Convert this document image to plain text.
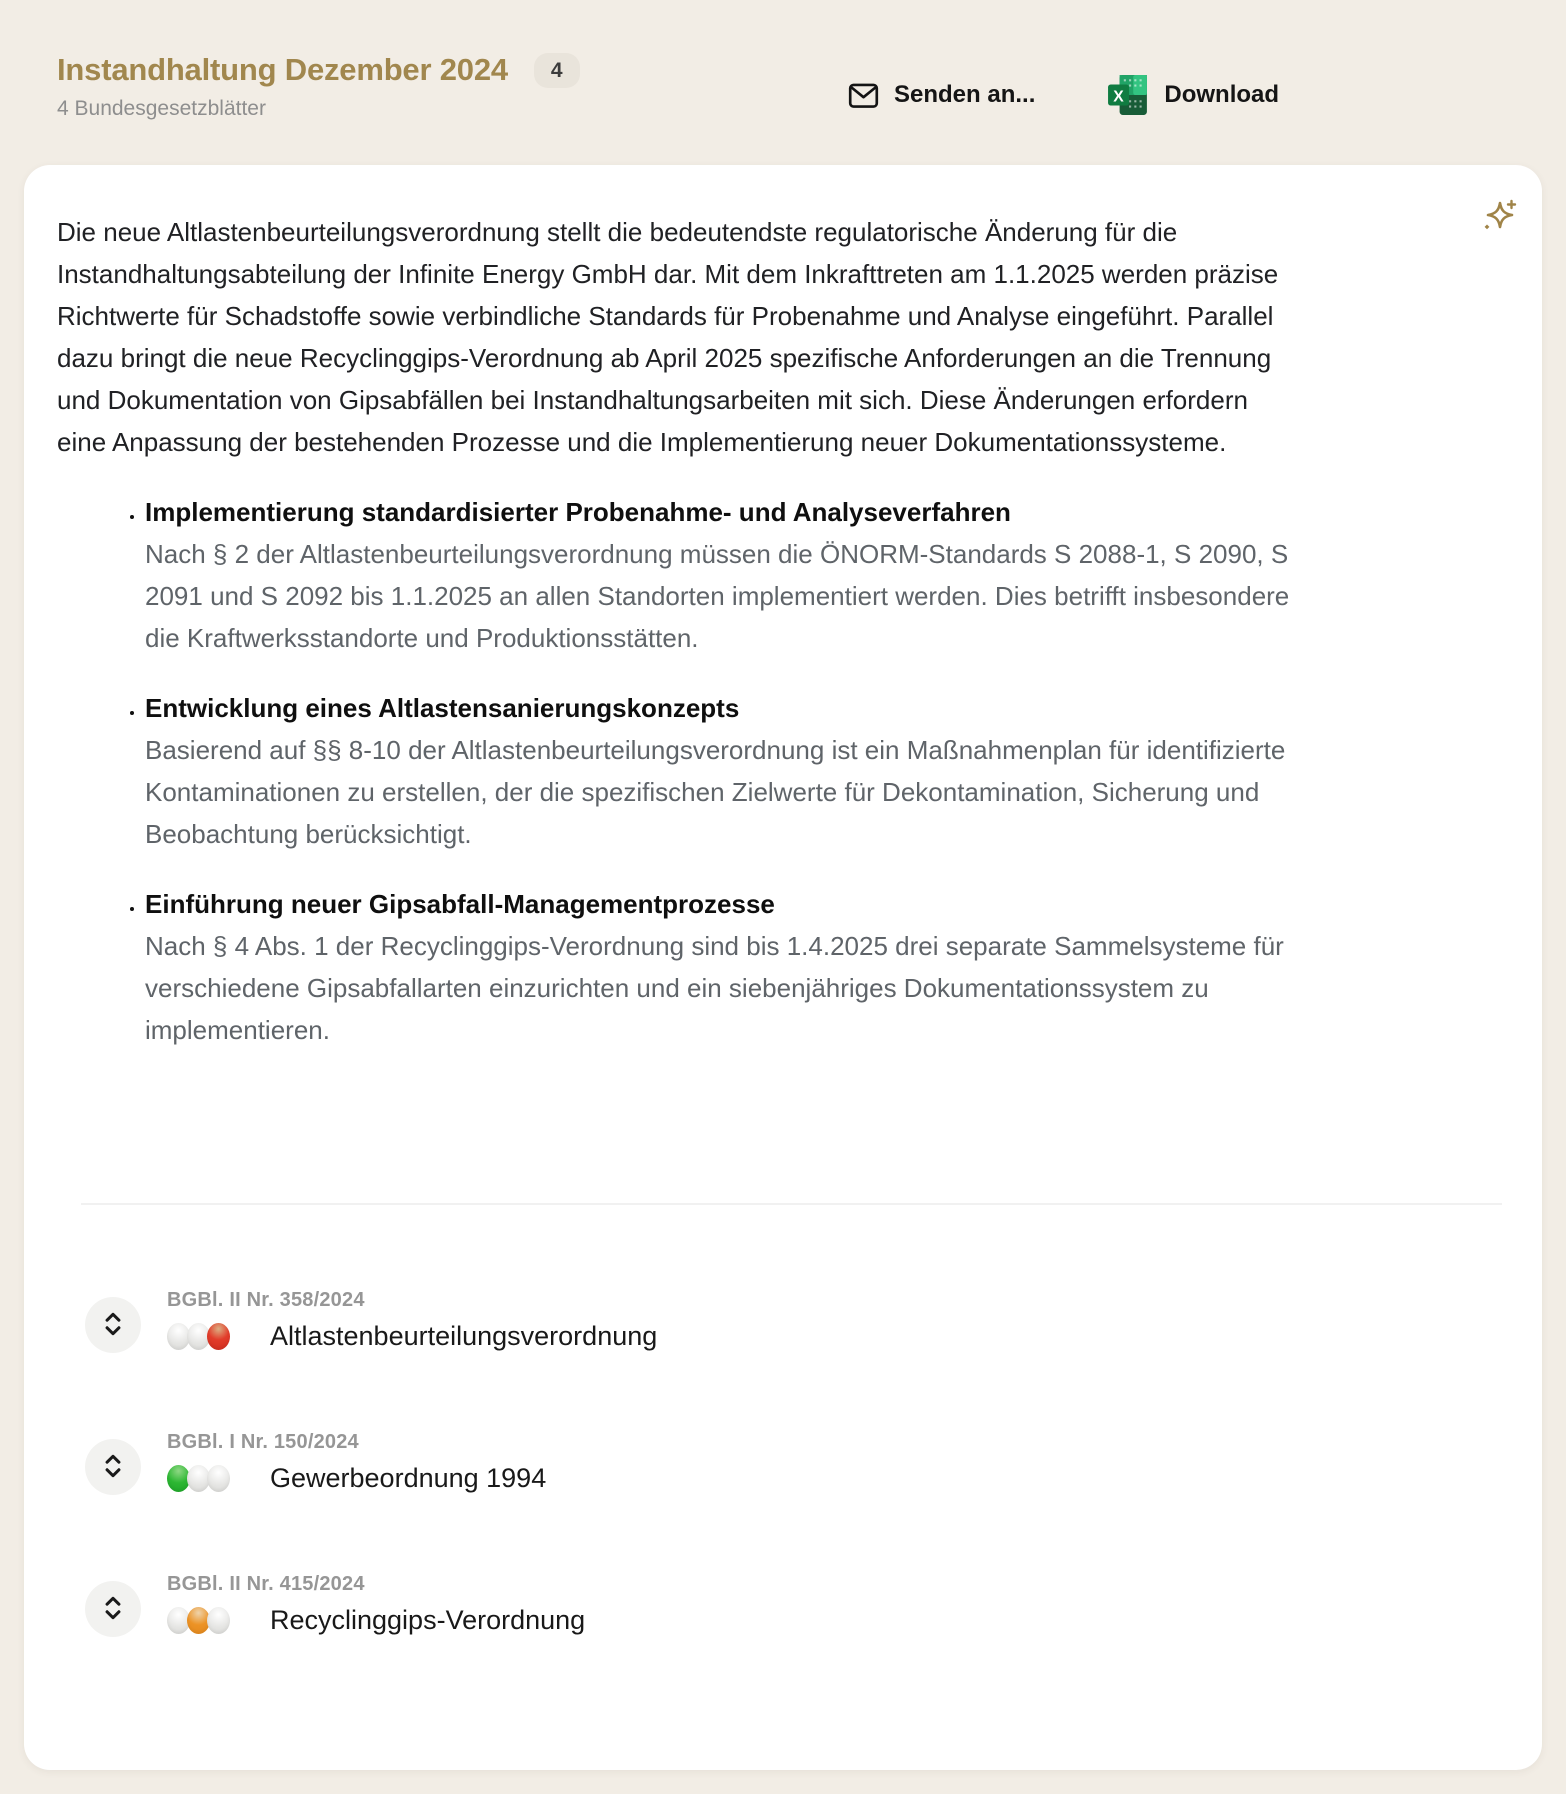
Instandhaltung Dezember 2024	4
4 Bundesgesetzblätter
Senden an...	X Download

Die neue Altlastenbeurteilungsverordnung stellt die bedeutendste regulatorische Änderung für die Instandhaltungsabteilung der Infinite Energy GmbH dar. Mit dem Inkrafttreten am 1.1.2025 werden präzise Richtwerte für Schadstoffe sowie verbindliche Standards für Probenahme und Analyse eingeführt. Parallel dazu bringt die neue Recyclinggips-Verordnung ab April 2025 spezifische Anforderungen an die Trennung und Dokumentation von Gipsabfällen bei Instandhaltungsarbeiten mit sich. Diese Änderungen erfordern eine Anpassung der bestehenden Prozesse und die Implementierung neuer Dokumentationssysteme.

• Implementierung standardisierter Probenahme- und Analyseverfahren
Nach § 2 der Altlastenbeurteilungsverordnung müssen die ÖNORM-Standards S 2088-1, S 2090, S 2091 und S 2092 bis 1.1.2025 an allen Standorten implementiert werden. Dies betrifft insbesondere die Kraftwerksstandorte und Produktionsstätten.
• Entwicklung eines Altlastensanierungskonzepts
Basierend auf §§ 8-10 der Altlastenbeurteilungsverordnung ist ein Maßnahmenplan für identifizierte Kontaminationen zu erstellen, der die spezifischen Zielwerte für Dekontamination, Sicherung und Beobachtung berücksichtigt.
• Einführung neuer Gipsabfall-Managementprozesse
Nach § 4 Abs. 1 der Recyclinggips-Verordnung sind bis 1.4.2025 drei separate Sammelsysteme für verschiedene Gipsabfallarten einzurichten und ein siebenjähriges Dokumentationssystem zu implementieren.
BGBl. II Nr. 358/2024
Altlastenbeurteilungsverordnung
BGBl. I Nr. 150/2024
Gewerbeordnung 1994
BGBl. II Nr. 415/2024
Recyclinggips-Verordnung
